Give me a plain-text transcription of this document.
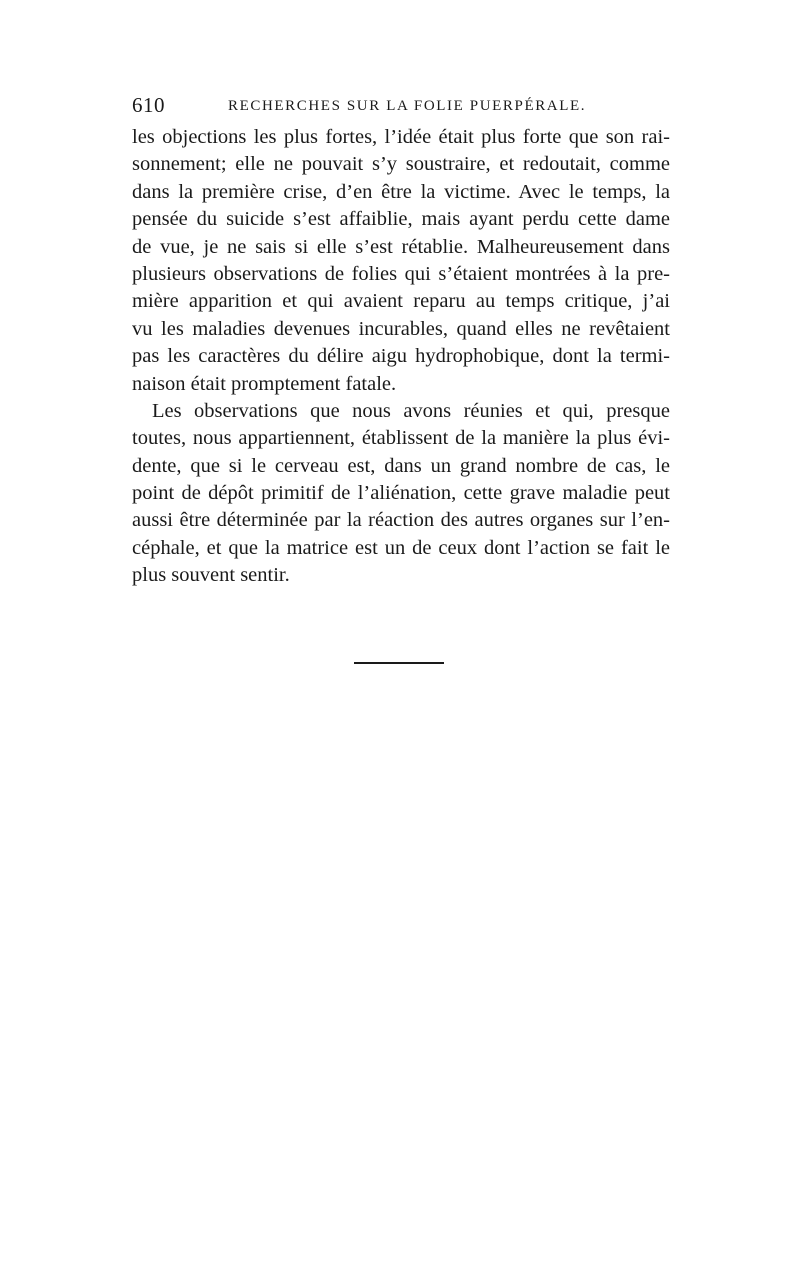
610	RECHERCHES SUR LA FOLIE PUERPÉRALE.
les objections les plus fortes, l’idée était plus forte que son rai-
sonnement; elle ne pouvait s’y soustraire, et redoutait, comme
dans la première crise, d’en être la victime. Avec le temps, la
pensée du suicide s’est affaiblie, mais ayant perdu cette dame
de vue, je ne sais si elle s’est rétablie. Malheureusement dans
plusieurs observations de folies qui s’étaient montrées à la pre-
mière apparition et qui avaient reparu au temps critique, j’ai
vu les maladies devenues incurables, quand elles ne revêtaient
pas les caractères du délire aigu hydrophobique, dont la termi-
naison était promptement fatale.
Les observations que nous avons réunies et qui, presque
toutes, nous appartiennent, établissent de la manière la plus évi-
dente, que si le cerveau est, dans un grand nombre de cas, le
point de dépôt primitif de l’aliénation, cette grave maladie peut
aussi être déterminée par la réaction des autres organes sur l’en-
céphale, et que la matrice est un de ceux dont l’action se fait le
plus souvent sentir.
